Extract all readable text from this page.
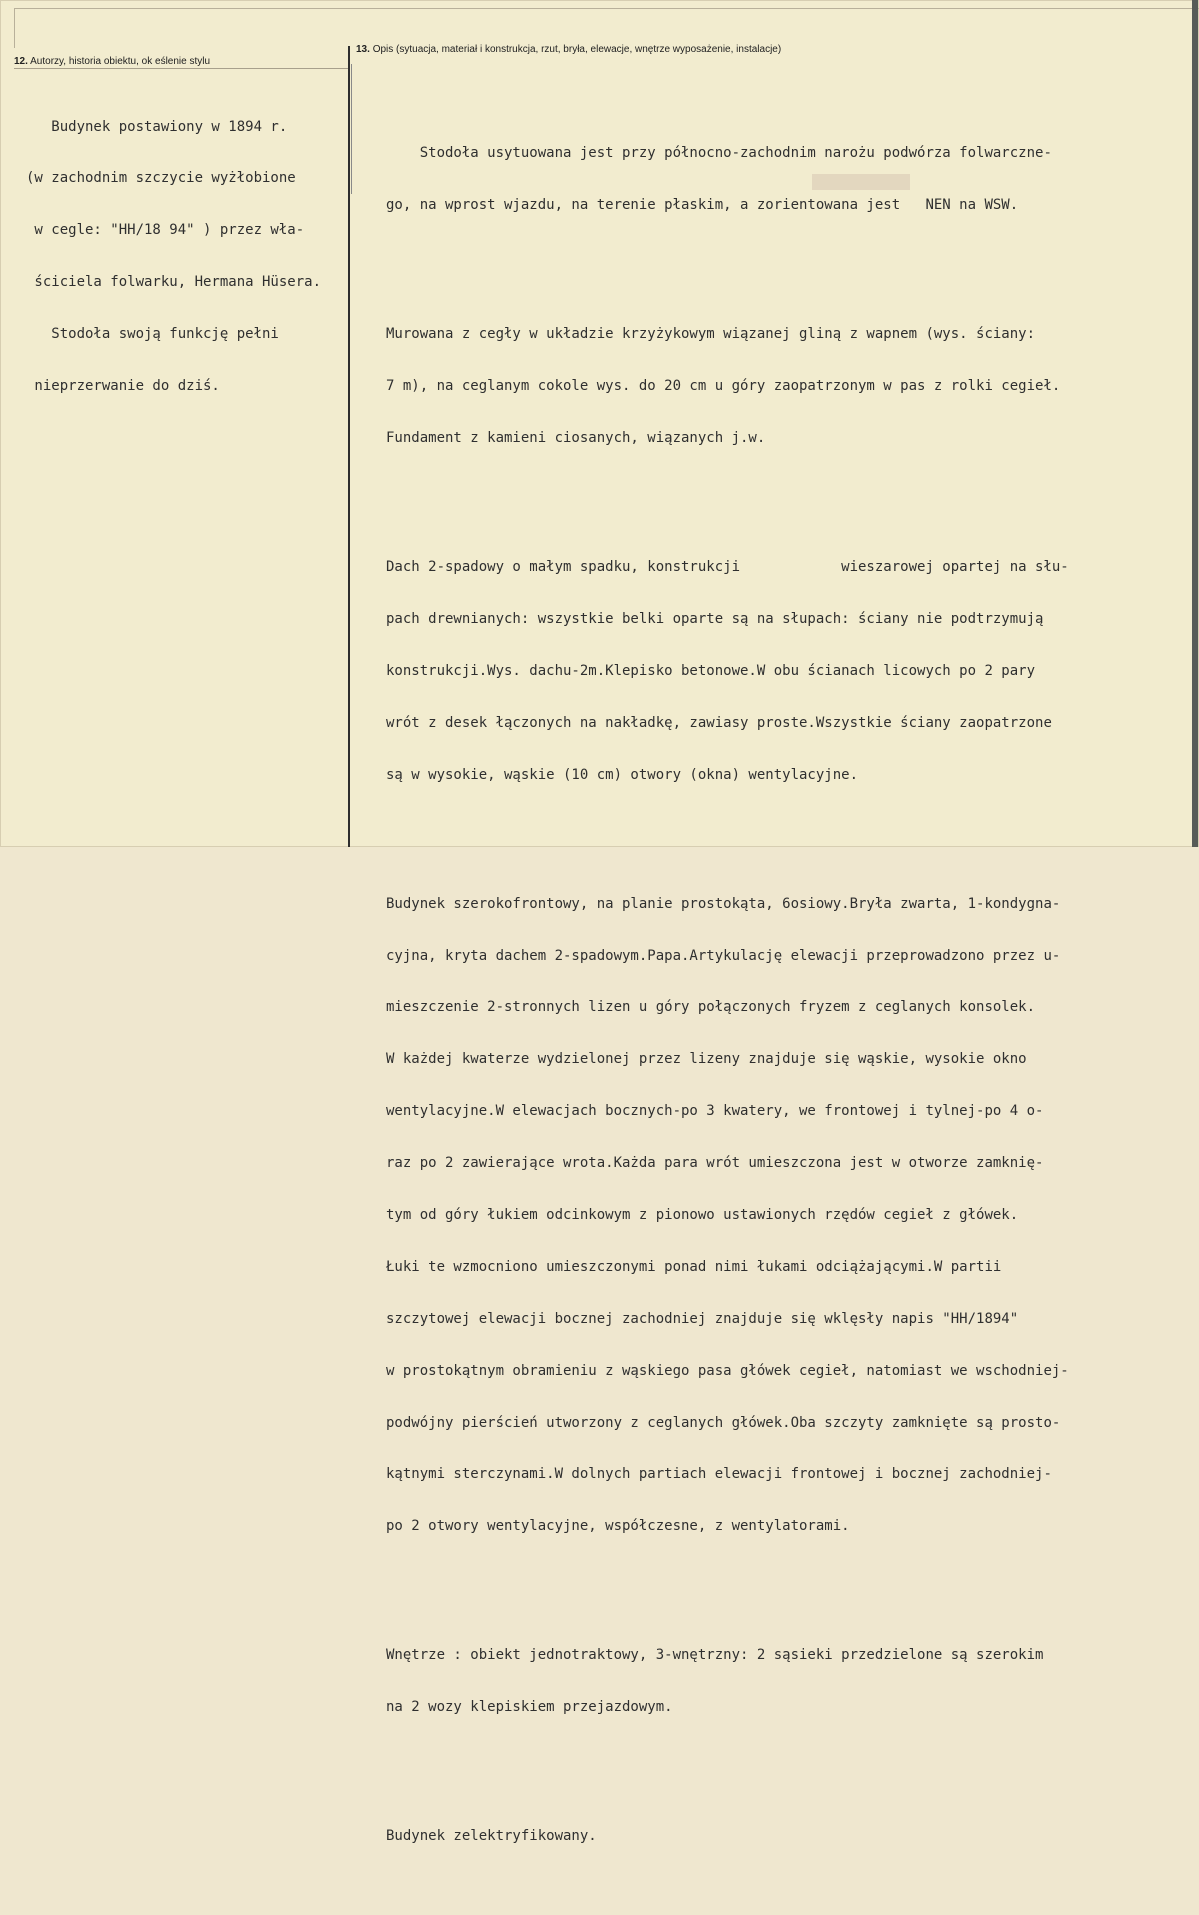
12. Autorzy, historia obiektu, ok eślenie stylu
13. Opis (sytuacja, materiał i konstrukcja, rzut, bryła, elewacje, wnętrze wyposażenie, instalacje)

Budynek postawiony w 1894 r.

(w zachodnim szczycie wyżłobione

w cegle: "HH/18 94" ) przez wła-

ściciela folwarku, Hermana Hüsera.

Stodoła swoją funkcję pełni

nieprzerwanie do dziś.

Stodoła usytuowana jest przy północno-zachodnim narożu podwórza folwarczne-

go, na wprost wjazdu, na terenie płaskim, a zorientowana jest   NEN na WSW.

Murowana z cegły w układzie krzyżykowym wiązanej gliną z wapnem (wys. ściany:

7 m), na ceglanym cokole wys. do 20 cm u góry zaopatrzonym w pas z rolki cegieł.

Fundament z kamieni ciosanych, wiązanych j.w.

Dach 2-spadowy o małym spadku, konstrukcji            wieszarowej opartej na słu-

pach drewnianych: wszystkie belki oparte są na słupach: ściany nie podtrzymują

konstrukcji.Wys. dachu-2m.Klepisko betonowe.W obu ścianach licowych po 2 pary

wrót z desek łączonych na nakładkę, zawiasy proste.Wszystkie ściany zaopatrzone

są w wysokie, wąskie (10 cm) otwory (okna) wentylacyjne.

Budynek szerokofrontowy, na planie prostokąta, 6osiowy.Bryła zwarta, 1-kondygna-

cyjna, kryta dachem 2-spadowym.Papa.Artykulację elewacji przeprowadzono przez u-

mieszczenie 2-stronnych lizen u góry połączonych fryzem z ceglanych konsolek.

W każdej kwaterze wydzielonej przez lizeny znajduje się wąskie, wysokie okno

wentylacyjne.W elewacjach bocznych-po 3 kwatery, we frontowej i tylnej-po 4 o-

raz po 2 zawierające wrota.Każda para wrót umieszczona jest w otworze zamknię-

tym od góry łukiem odcinkowym z pionowo ustawionych rzędów cegieł z główek.

Łuki te wzmocniono umieszczonymi ponad nimi łukami odciążającymi.W partii

szczytowej elewacji bocznej zachodniej znajduje się wklęsły napis "HH/1894"

w prostokątnym obramieniu z wąskiego pasa główek cegieł, natomiast we wschodniej-

podwójny pierścień utworzony z ceglanych główek.Oba szczyty zamknięte są prosto-

kątnymi sterczynami.W dolnych partiach elewacji frontowej i bocznej zachodniej-

po 2 otwory wentylacyjne, współczesne, z wentylatorami.

Wnętrze : obiekt jednotraktowy, 3-wnętrzny: 2 sąsieki przedzielone są szerokim

na 2 wozy klepiskiem przejazdowym.

Budynek zelektryfikowany.
